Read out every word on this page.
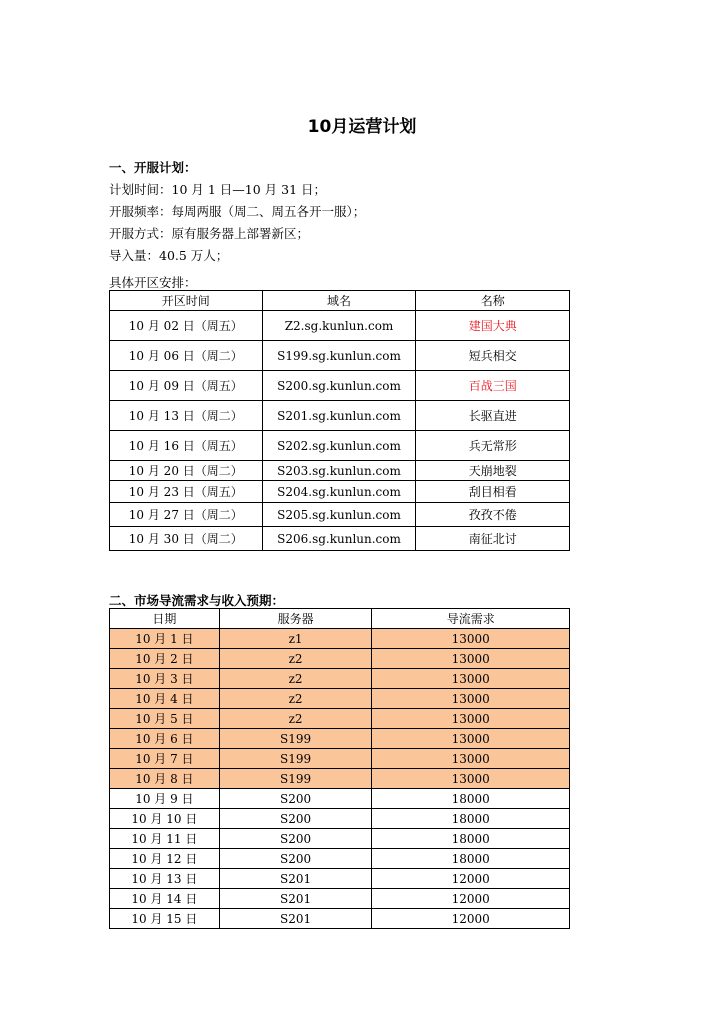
10月运营计划
一、开服计划：
计划时间：10 月 1 日—10 月 31 日；
开服频率：每周两服（周二、周五各开一服）；
开服方式：原有服务器上部署新区；
导入量：40.5 万人；
具体开区安排：
开区时间	域名	名称
10 月 02 日（周五）	Z2.sg.kunlun.com	建国大典
10 月 06 日（周二）	S199.sg.kunlun.com	短兵相交
10 月 09 日（周五）	S200.sg.kunlun.com	百战三国
10 月 13 日（周二）	S201.sg.kunlun.com	长驱直进
10 月 16 日（周五）	S202.sg.kunlun.com	兵无常形
10 月 20 日（周二）	S203.sg.kunlun.com	天崩地裂
10 月 23 日（周五）	S204.sg.kunlun.com	刮目相看
10 月 27 日（周二）	S205.sg.kunlun.com	孜孜不倦
10 月 30 日（周二）	S206.sg.kunlun.com	南征北讨
二、市场导流需求与收入预期：
日期	服务器	导流需求
10 月 1 日	z1	13000
10 月 2 日	z2	13000
10 月 3 日	z2	13000
10 月 4 日	z2	13000
10 月 5 日	z2	13000
10 月 6 日	S199	13000
10 月 7 日	S199	13000
10 月 8 日	S199	13000
10 月 9 日	S200	18000
10 月 10 日	S200	18000
10 月 11 日	S200	18000
10 月 12 日	S200	18000
10 月 13 日	S201	12000
10 月 14 日	S201	12000
10 月 15 日	S201	12000
